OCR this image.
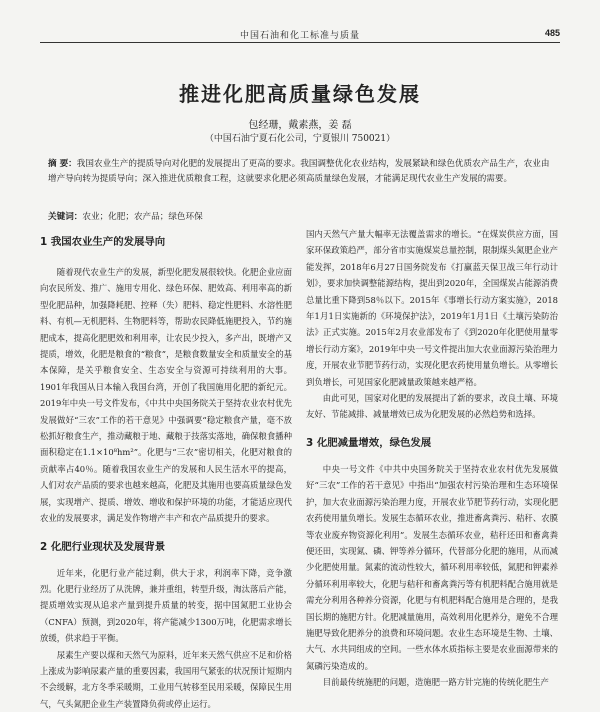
中国石油和化工标准与质量	485
推进化肥高质量绿色发展
包经珊，戴素燕，姜 磊
（中国石油宁夏石化公司，宁夏银川 750021）
摘 要：我国农业生产的提质导向对化肥的发展提出了更高的要求。我国调整优化农业结构，发展紧缺和绿色优质农产品生产，农业由增产导向转为提质导向；深入推进优质粮食工程，这就要求化肥必须高质量绿色发展，才能满足现代农业生产发展的需要。
关键词：农业；化肥；农产品；绿色环保
1 我国农业生产的发展导向

随着现代农业生产的发展，新型化肥发展很较快。化肥企业应面向农民所发、推广、施用专用化、绿色环保、肥效高、利用率高的新型化肥品种，加强降耗肥、控释（失）肥料、稳定性肥料、水溶性肥料、有机—无机肥料、生物肥料等，帮助农民降低施肥投入，节约施肥成本，提高化肥肥效和利用率，让农民少投入，多产出，既增产又提质，增效，化肥是粮食的“粮食”，是粮食数量安全和质量安全的基本保障，是关乎粮食安全、生态安全与资源可持续利用的大事。1901年我国从日本输入我国台湾，开创了我国施用化肥的新纪元。2019年中央一号文件发布，《中共中央国务院关于坚持农业农村优先发展做好“三农”工作的若干意见》中强调要“稳定粮食产量，毫不放松抓好粮食生产，推动藏粮于地、藏粮于技落实落地，确保粮食播种面积稳定在1.1×10⁸hm²”。化肥与“三农”密切相关，化肥对粮食的贡献率占40％。随着我国农业生产的发展和人民生活水平的提高，人们对农产品质的要求也越来越高，化肥及其施用也要高质量绿色发展，实现增产、提质、增效、增收和保护环境的功能，才能适应现代农业的发展要求，满足发作物增产丰产和农产品质提升的要求。

2 化肥行业现状及发展背景

近年来，化肥行业产能过剩，供大于求，利润率下降，竞争激烈。化肥行业经历了从洗牌，兼并重组，转型升级，淘汰落后产能，提质增效实现从追求产量到提升质量的转变，据中国氮肥工业协会（CNFA）预测，到2020年，将产能减少1300万吨，化肥需求增长放缓，供求趋于平衡。

尿素生产要以煤和天然气为原料，近年来天然气供应不足和价格上涨成为影响尿素产量的重要因素，我国用气紧张的状况预计短期内不会缓解，北方冬季采暖期，工业用气转移至民用采暖，保障民生用气，气头氮肥企业生产装置降负荷或停止运行。

国内天然气产量大幅率无法覆盖需求的增长。“在煤炭供应方面，国家环保政策趋严，部分省市实施煤炭总量控制，限制煤头氮肥企业产能发挥，2018年6月27日国务院发布《打赢蓝天保卫战三年行动计划》，要求加快调整能源结构，提出到2020年，全国煤炭占能源消费总量比重下降到58％以下。2015年《事增长行动方案实施》，2018年1月1日实施新的《环境保护法》，2019年1月1日《土壤污染防治法》正式实施。2015年2月农业部发布了《到2020年化肥使用量零增长行动方案》，2019年中央一号文件提出加大农业面源污染治理力度，开展农业节肥节药行动，实现化肥农药使用量负增长。从零增长到负增长，可见国家化肥减量政策越来越严格。

由此可见，国家对化肥的发展提出了新的要求，改良土壤、环境友好、节能减排、减量增效已成为化肥发展的必然趋势和选择。

3 化肥减量增效，绿色发展

中央一号文件《中共中央国务院关于坚持农业农村优先发展做好“三农”工作的若干意见》中指出“加强农村污染治理和生态环境保护，加大农业面源污染治理力度，开展农业节肥节药行动，实现化肥农药使用量负增长。发展生态循环农业，推进畜禽粪污、秸秆、农膜等农业废弃物资源化利用”。发展生态循环农业，秸秆还田和畜禽粪便还田，实现氮、磷、钾等养分循环，代替部分化肥的施用，从而减少化肥使用量。氮素的流动性较大，循环利用率较低，氮肥和钾素养分循环利用率较大，化肥与秸秆和畜禽粪污等有机肥料配合施用就是需充分利用各种养分资源，化肥与有机肥料配合施用是合理的，是我国长期的施肥方针。化肥减量施用，高效利用化肥养分，避免不合理施肥导致化肥养分的浪费和环境问题。农业生态环境是生物、土壤、大气、水共同组成的空间。一些水体水质指标主要是农业面源带来的氮磷污染造成的。

目前最传统施肥的问题，造施肥一路方针完施的传统化肥生产
